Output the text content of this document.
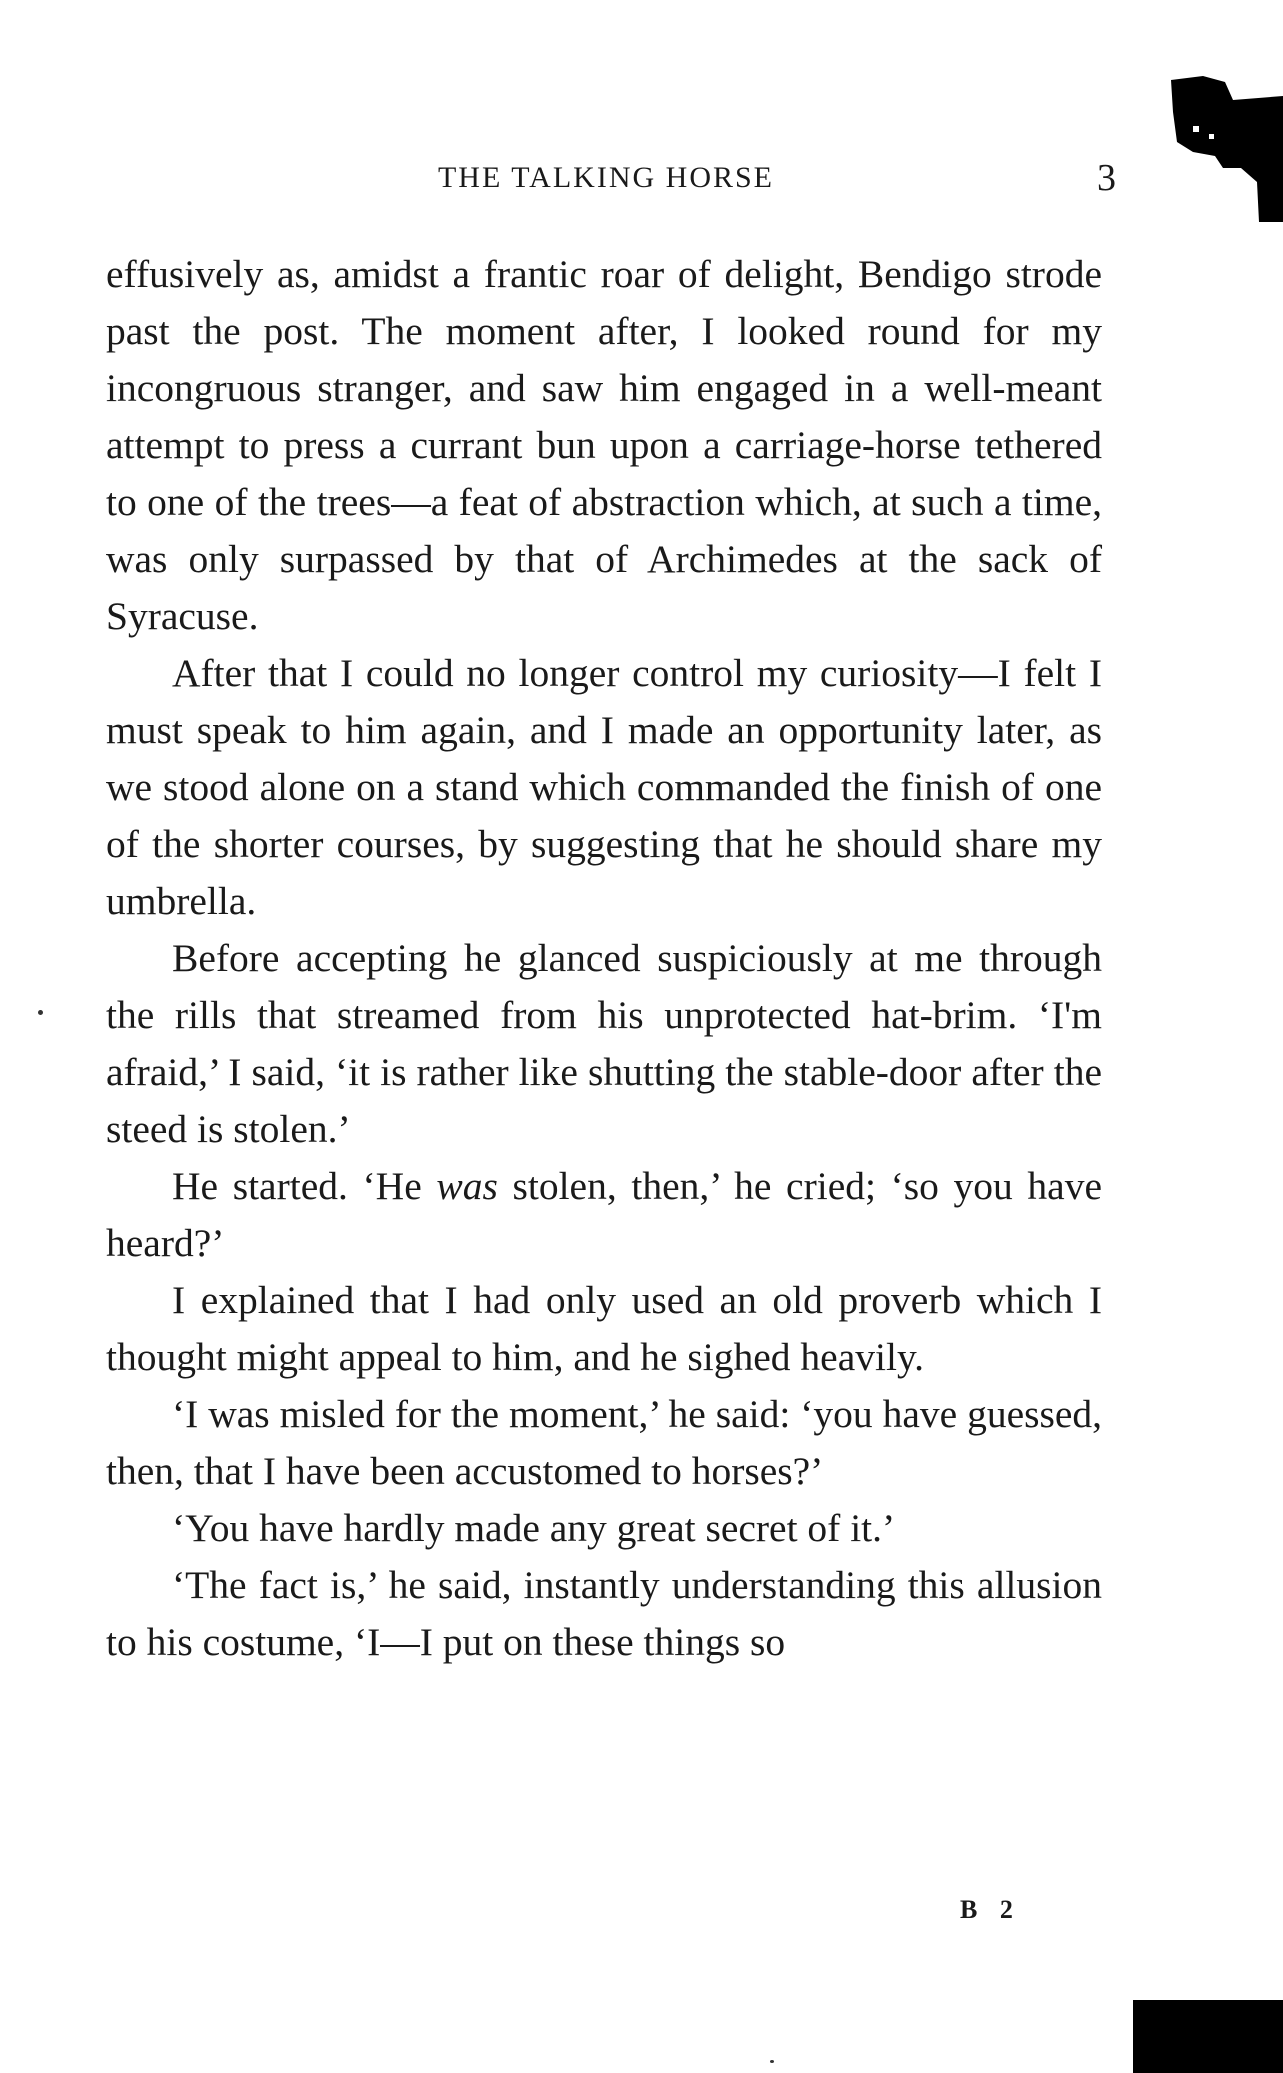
THE TALKING HORSE	3

effusively as, amidst a frantic roar of delight, Bendigo strode past the post. The moment after, I looked round for my incongruous stranger, and saw him engaged in a well-meant attempt to press a currant bun upon a carriage-horse tethered to one of the trees—a feat of abstraction which, at such a time, was only surpassed by that of Archimedes at the sack of Syracuse.

After that I could no longer control my curiosity—I felt I must speak to him again, and I made an opportunity later, as we stood alone on a stand which commanded the finish of one of the shorter courses, by suggesting that he should share my umbrella.

Before accepting he glanced suspiciously at me through the rills that streamed from his unprotected hat-brim. ‘I'm afraid,’ I said, ‘it is rather like shutting the stable-door after the steed is stolen.’

He started. ‘He was stolen, then,’ he cried; ‘so you have heard?’

I explained that I had only used an old proverb which I thought might appeal to him, and he sighed heavily.

‘I was misled for the moment,’ he said: ‘you have guessed, then, that I have been accustomed to horses?’

‘You have hardly made any great secret of it.’

‘The fact is,’ he said, instantly understanding this allusion to his costume, ‘I—I put on these things so

B 2
